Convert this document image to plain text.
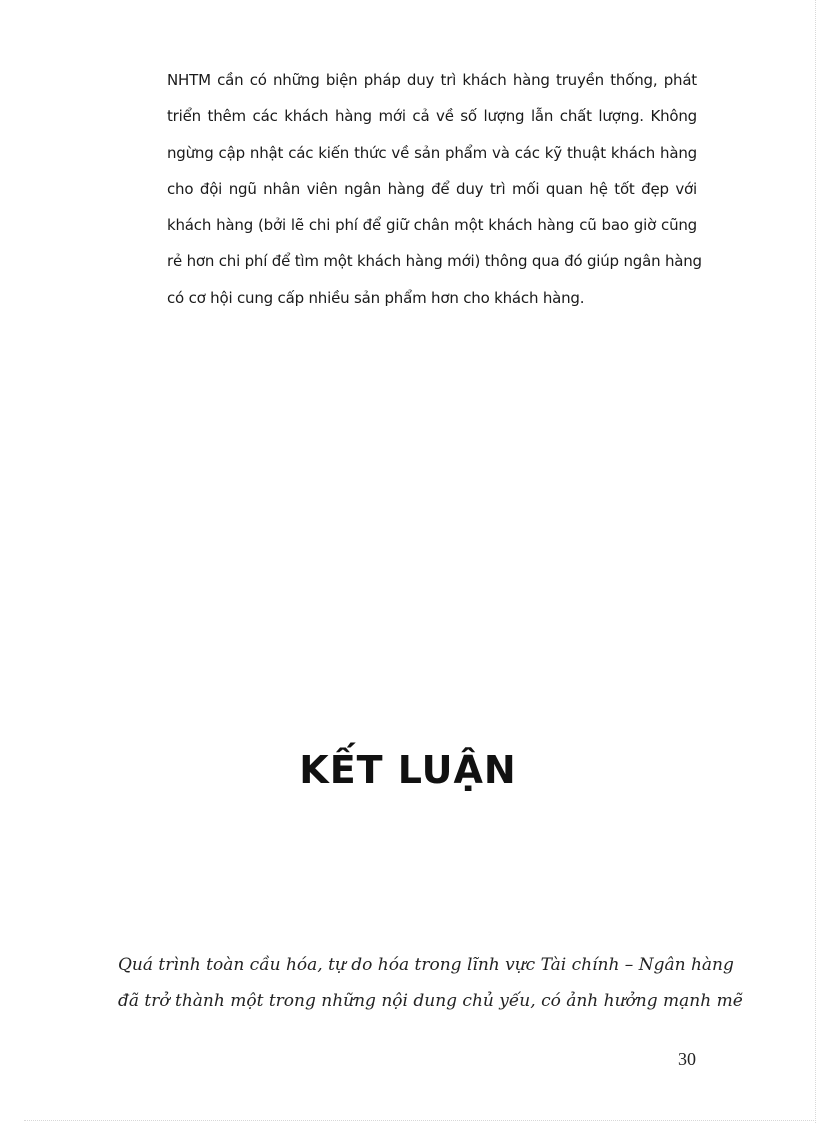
NHTM cần có những biện pháp duy trì khách hàng truyền thống, phát
triển thêm các khách hàng mới cả về số lượng lẫn chất lượng. Không
ngừng cập nhật các kiến thức về sản phẩm và các kỹ thuật khách hàng
cho đội ngũ nhân viên ngân hàng để duy trì mối quan hệ tốt đẹp với
khách hàng (bởi lẽ chi phí để giữ chân một khách hàng cũ bao giờ cũng
rẻ hơn chi phí để tìm một khách hàng mới) thông qua đó giúp ngân hàng
có cơ hội cung cấp nhiều sản phẩm hơn cho khách hàng.
KẾT LUẬN
Quá trình toàn cầu hóa, tự do hóa trong lĩnh vực Tài chính – Ngân hàng
đã trở thành một trong những nội dung chủ yếu, có ảnh hưởng mạnh mẽ
30
